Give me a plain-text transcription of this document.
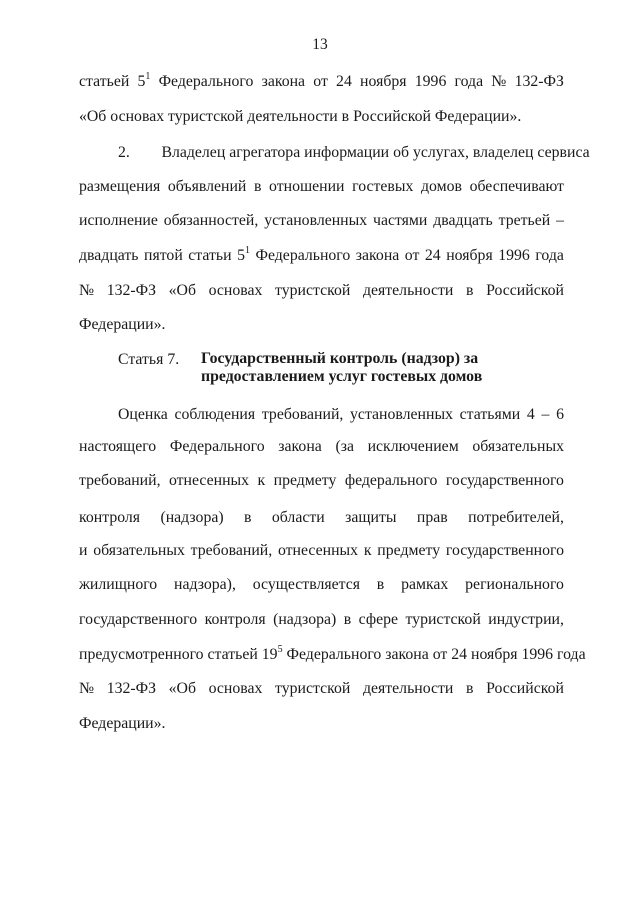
13
статьей $5^1$ Федерального закона от 24 ноября 1996 года № 132-ФЗ
«Об основах туристской деятельности в Российской Федерации».
2.        Владелец агрегатора информации об услугах, владелец сервиса
размещения объявлений в отношении гостевых домов обеспечивают
исполнение обязанностей, установленных частями двадцать третьей –
двадцать пятой статьи $5^1$ Федерального закона от 24 ноября 1996 года
№ 132-ФЗ «Об основах туристской деятельности в Российской
Федерации».
Статья 7. Государственный контроль (надзор) за
предоставлением услуг гостевых домов
Оценка соблюдения требований, установленных статьями 4 – 6
настоящего Федерального закона (за исключением обязательных
требований, отнесенных к предмету федерального государственного
контроля (надзора) в области защиты прав потребителей,
и обязательных требований, отнесенных к предмету государственного
жилищного надзора), осуществляется в рамках регионального
государственного контроля (надзора) в сфере туристской индустрии,
предусмотренного статьей $19^5$ Федерального закона от 24 ноября 1996 года
№ 132-ФЗ «Об основах туристской деятельности в Российской
Федерации».
